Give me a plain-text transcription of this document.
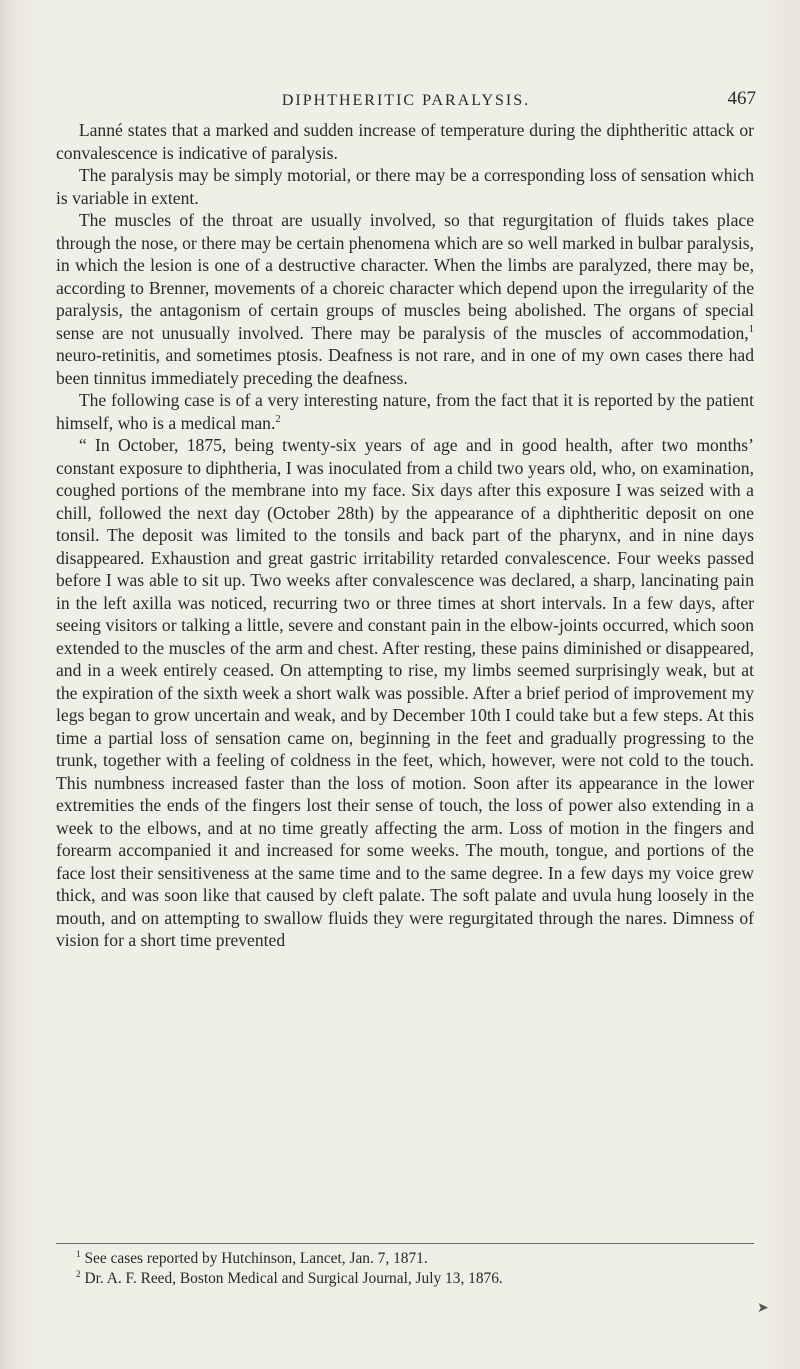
DIPHTHERITIC PARALYSIS.	467

Lanné states that a marked and sudden increase of temperature during the diphtheritic attack or convalescence is indicative of paralysis.

The paralysis may be simply motorial, or there may be a corresponding loss of sensation which is variable in extent.

The muscles of the throat are usually involved, so that regurgitation of fluids takes place through the nose, or there may be certain phenomena which are so well marked in bulbar paralysis, in which the lesion is one of a destructive character. When the limbs are paralyzed, there may be, according to Brenner, movements of a choreic character which depend upon the irregularity of the paralysis, the antagonism of certain groups of muscles being abolished. The organs of special sense are not unusually involved. There may be paralysis of the muscles of accommodation,$^1$ neuro-retinitis, and sometimes ptosis. Deafness is not rare, and in one of my own cases there had been tinnitus immediately preceding the deafness.

The following case is of a very interesting nature, from the fact that it is reported by the patient himself, who is a medical man.$^2$

“ In October, 1875, being twenty-six years of age and in good health, after two months’ constant exposure to diphtheria, I was inoculated from a child two years old, who, on examination, coughed portions of the membrane into my face. Six days after this exposure I was seized with a chill, followed the next day (October 28th) by the appearance of a diphtheritic deposit on one tonsil. The deposit was limited to the tonsils and back part of the pharynx, and in nine days disappeared. Exhaustion and great gastric irritability retarded convalescence. Four weeks passed before I was able to sit up. Two weeks after convalescence was declared, a sharp, lancinating pain in the left axilla was noticed, recurring two or three times at short intervals. In a few days, after seeing visitors or talking a little, severe and constant pain in the elbow-joints occurred, which soon extended to the muscles of the arm and chest. After resting, these pains diminished or disappeared, and in a week entirely ceased. On attempting to rise, my limbs seemed surprisingly weak, but at the expiration of the sixth week a short walk was possible. After a brief period of improvement my legs began to grow uncertain and weak, and by December 10th I could take but a few steps. At this time a partial loss of sensation came on, beginning in the feet and gradually progressing to the trunk, together with a feeling of coldness in the feet, which, however, were not cold to the touch. This numbness increased faster than the loss of motion. Soon after its appearance in the lower extremities the ends of the fingers lost their sense of touch, the loss of power also extending in a week to the elbows, and at no time greatly affecting the arm. Loss of motion in the fingers and forearm accompanied it and increased for some weeks. The mouth, tongue, and portions of the face lost their sensitiveness at the same time and to the same degree. In a few days my voice grew thick, and was soon like that caused by cleft palate. The soft palate and uvula hung loosely in the mouth, and on attempting to swallow fluids they were regurgitated through the nares. Dimness of vision for a short time prevented

$^1$ See cases reported by Hutchinson, Lancet, Jan. 7, 1871.

$^2$ Dr. A. F. Reed, Boston Medical and Surgical Journal, July 13, 1876.

➤
